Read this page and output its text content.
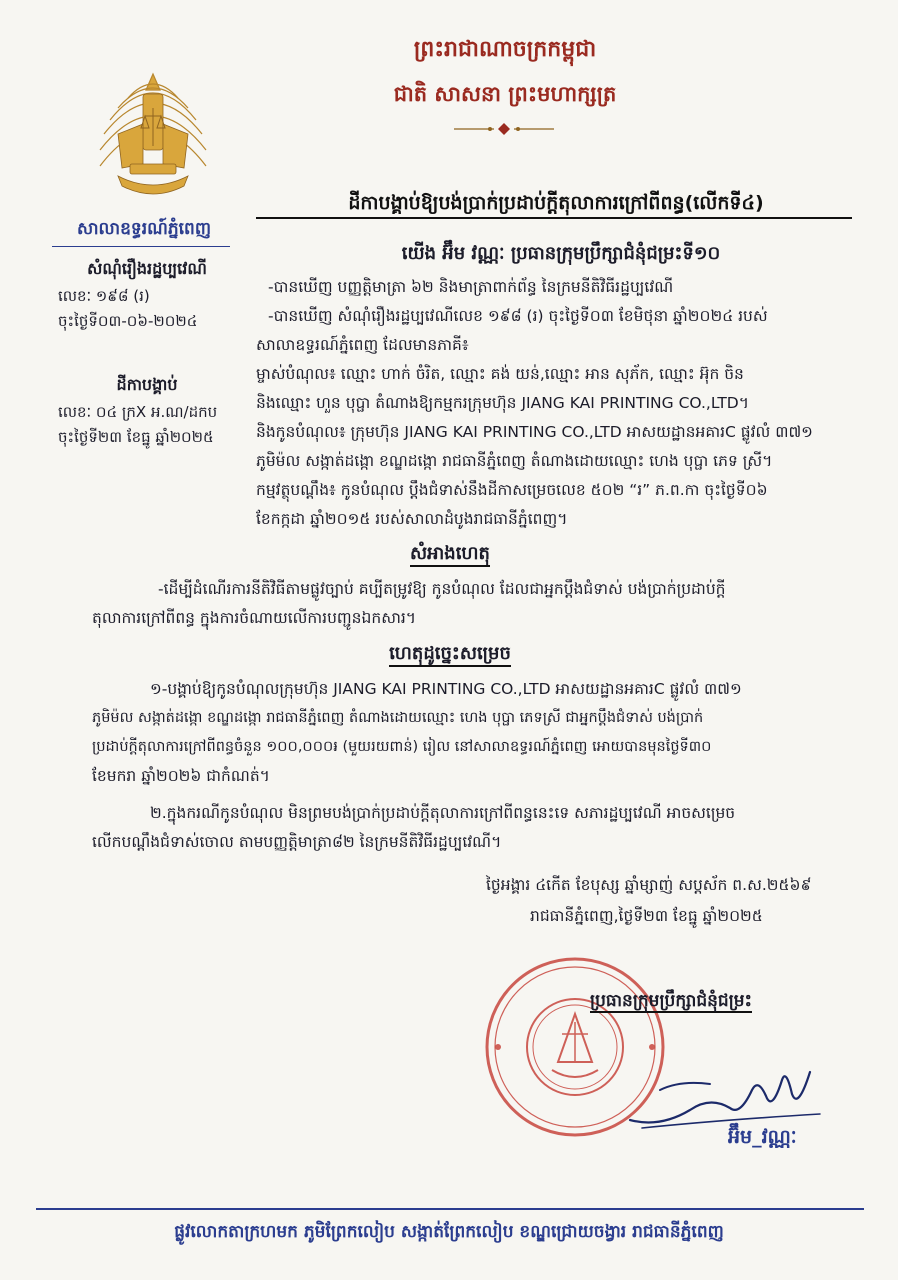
ព្រះរាជាណាចក្រកម្ពុជា
ជាតិ សាសនា ព្រះមហាក្សត្រ
សាលាឧទ្ធរណ៍ភ្នំពេញ
សំណុំរឿងរដ្ឋប្បវេណី
លេខៈ ១៩៨ (រ)
ចុះថ្ងៃទី០៣-០៦-២០២៤
ដីកាបង្គាប់
លេខៈ ០៤ ក្រX អ.ណ/ដកប
ចុះថ្ងៃទី២៣ ខែធ្នូ ឆ្នាំ២០២៥
ដីកាបង្គាប់ឱ្យបង់ប្រាក់ប្រដាប់ក្តីតុលាការក្រៅពីពន្ធ(លើកទី៤)
យើង អ៊ឹម វណ្ណៈ ប្រធានក្រុមប្រឹក្សាជំនុំជម្រះទី១០
-បានឃើញ បញ្ញត្តិមាត្រា ៦២ និងមាត្រាពាក់ព័ន្ធ នៃក្រមនីតិវិធីរដ្ឋប្បវេណី
-បានឃើញ សំណុំរឿងរដ្ឋប្បវេណីលេខ ១៩៨ (រ) ចុះថ្ងៃទី០៣ ខែមិថុនា ឆ្នាំ២០២៤ របស់
សាលាឧទ្ធរណ៍ភ្នំពេញ ដែលមានភាគី៖
ម្ចាស់បំណុល៖ ឈ្មោះ ហាក់ ចំរិត, ឈ្មោះ គង់ យន់,ឈ្មោះ អាន សុភ័ក, ឈ្មោះ អ៊ុក ចិន
និងឈ្មោះ ហួន បុប្ផា តំណាងឱ្យកម្មករក្រុមហ៊ុន JIANG KAI PRINTING CO.,LTD។
និងកូនបំណុល៖ ក្រុមហ៊ុន JIANG KAI PRINTING CO.,LTD អាសយដ្ឋានអគារC ផ្លូវលំ ៣៧១
ភូមិម៉ល សង្កាត់ដង្កោ ខណ្ឌដង្កោ រាជធានីភ្នំពេញ តំណាងដោយឈ្មោះ ហេង បុប្ផា ភេទ ស្រី។
កម្មវត្ថុបណ្តឹង៖ កូនបំណុល ប្តឹងជំទាស់នឹងដីកាសម្រេចលេខ ៥០២ “រ” ភ.ព.កា ចុះថ្ងៃទី០៦
ខែកក្កដា ឆ្នាំ២០១៥ របស់សាលាដំបូងរាជធានីភ្នំពេញ។
សំអាងហេតុ
-ដើម្បីដំណើរការនីតិវិធីតាមផ្លូវច្បាប់ គប្បីតម្រូវឱ្យ កូនបំណុល ដែលជាអ្នកប្តឹងជំទាស់ បង់ប្រាក់ប្រដាប់ក្តី
តុលាការក្រៅពីពន្ធ ក្នុងការចំណាយលើការបញ្ជូនឯកសារ។
ហេតុដូច្នេះសម្រេច
១-បង្គាប់ឱ្យកូនបំណុលក្រុមហ៊ុន JIANG KAI PRINTING CO.,LTD អាសយដ្ឋានអគារC ផ្លូវលំ ៣៧១
ភូមិម៉ល សង្កាត់ដង្កោ ខណ្ឌដង្កោ រាជធានីភ្នំពេញ តំណាងដោយឈ្មោះ ហេង បុប្ផា ភេទស្រី ជាអ្នកប្តឹងជំទាស់ បង់ប្រាក់
ប្រដាប់ក្តីតុលាការក្រៅពីពន្ធចំនួន ១០០,០០០៛ (មួយរយពាន់) រៀល នៅសាលាឧទ្ធរណ៍ភ្នំពេញ អោយបានមុនថ្ងៃទី៣០
ខែមករា ឆ្នាំ២០២៦ ជាកំណត់។
២.ក្នុងករណីកូនបំណុល មិនព្រមបង់ប្រាក់ប្រដាប់ក្តីតុលាការក្រៅពីពន្ធនេះទេ សភារដ្ឋប្បវេណី អាចសម្រេច
លើកបណ្តឹងជំទាស់ចោល តាមបញ្ញត្តិមាត្រា៨២ នៃក្រមនីតិវិធីរដ្ឋប្បវេណី។
ថ្ងៃអង្គារ ៤កើត ខែបុស្ស ឆ្នាំម្សាញ់ សប្តស័ក ព.ស.២៥៦៩
រាជធានីភ្នំពេញ,ថ្ងៃទី២៣ ខែធ្នូ ឆ្នាំ២០២៥
ប្រធានក្រុមប្រឹក្សាជំនុំជម្រះ
អ៊ឹម_វណ្ណៈ
ផ្លូវលោកតាក្រហមក ភូមិព្រែកលៀប សង្កាត់ព្រែកលៀប ខណ្ឌជ្រោយចង្វារ រាជធានីភ្នំពេញ
